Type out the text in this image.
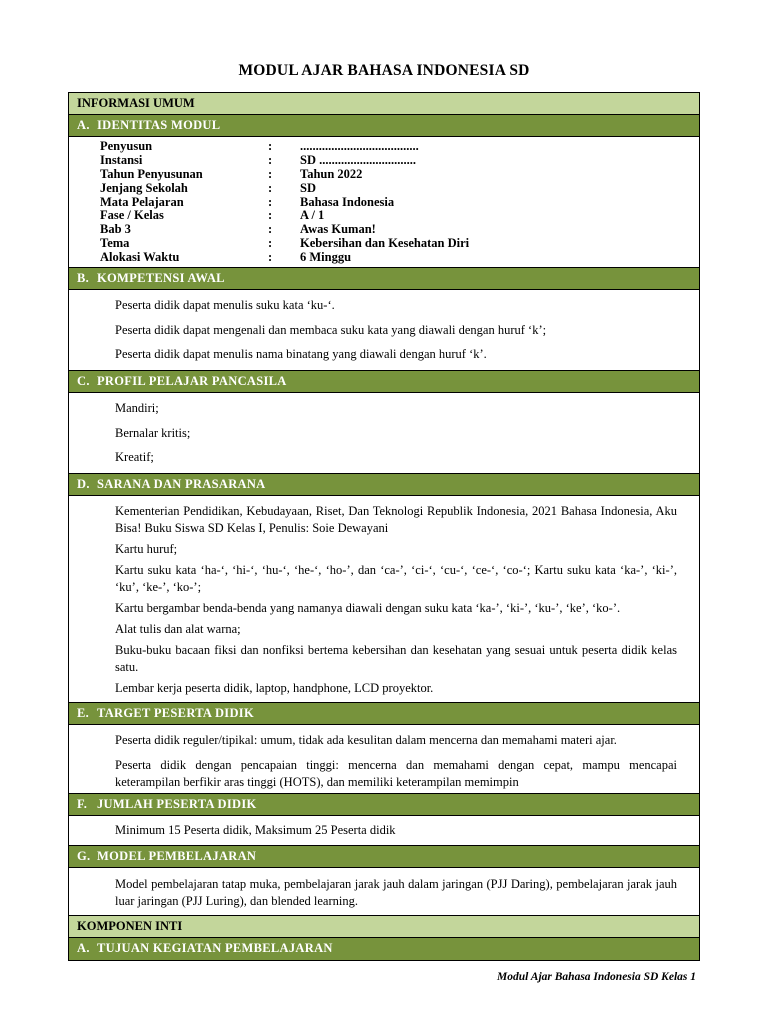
MODUL AJAR BAHASA INDONESIA SD
INFORMASI UMUM
A. IDENTITAS MODUL
Penyusun	:	......................................
Instansi	:	SD ...............................
Tahun Penyusunan	:	Tahun 2022
Jenjang Sekolah	:	SD
Mata Pelajaran	:	Bahasa Indonesia
Fase / Kelas	:	A / 1
Bab 3	:	Awas Kuman!
Tema	:	Kebersihan dan Kesehatan Diri
Alokasi Waktu	:	6 Minggu
B. KOMPETENSI AWAL
Peserta didik dapat menulis suku kata ‘ku-‘.
Peserta didik dapat mengenali dan membaca suku kata yang diawali dengan huruf ‘k’;
Peserta didik dapat menulis nama binatang yang diawali dengan huruf ‘k’.
C. PROFIL PELAJAR PANCASILA
Mandiri;
Bernalar kritis;
Kreatif;
D. SARANA DAN PRASARANA
Kementerian Pendidikan, Kebudayaan, Riset, Dan Teknologi Republik Indonesia, 2021 Bahasa Indonesia, Aku Bisa! Buku Siswa SD Kelas I, Penulis: Soie Dewayani
Kartu huruf;
Kartu suku kata ‘ha-‘, ‘hi-‘, ‘hu-‘, ‘he-‘, ‘ho-’, dan ‘ca-’, ‘ci-‘, ‘cu-‘, ‘ce-‘, ‘co-‘; Kartu suku kata ‘ka-’, ‘ki-’, ‘ku’, ‘ke-’, ‘ko-’;
Kartu bergambar benda-benda yang namanya diawali dengan suku kata ‘ka-’, ‘ki-’, ‘ku-’, ‘ke’, ‘ko-’.
Alat tulis dan alat warna;
Buku-buku bacaan fiksi dan nonfiksi bertema kebersihan dan kesehatan yang sesuai untuk peserta didik kelas satu.
Lembar kerja peserta didik, laptop, handphone, LCD proyektor.
E. TARGET PESERTA DIDIK
Peserta didik reguler/tipikal: umum, tidak ada kesulitan dalam mencerna dan memahami materi ajar.
Peserta didik dengan pencapaian tinggi: mencerna dan memahami dengan cepat, mampu mencapai keterampilan berfikir aras tinggi (HOTS), dan memiliki keterampilan memimpin
F. JUMLAH PESERTA DIDIK
Minimum 15 Peserta didik, Maksimum 25 Peserta didik
G. MODEL PEMBELAJARAN
Model pembelajaran tatap muka, pembelajaran jarak jauh dalam jaringan (PJJ Daring), pembelajaran jarak jauh luar jaringan (PJJ Luring), dan blended learning.
KOMPONEN INTI
A. TUJUAN KEGIATAN PEMBELAJARAN
Modul Ajar Bahasa Indonesia SD Kelas 1
